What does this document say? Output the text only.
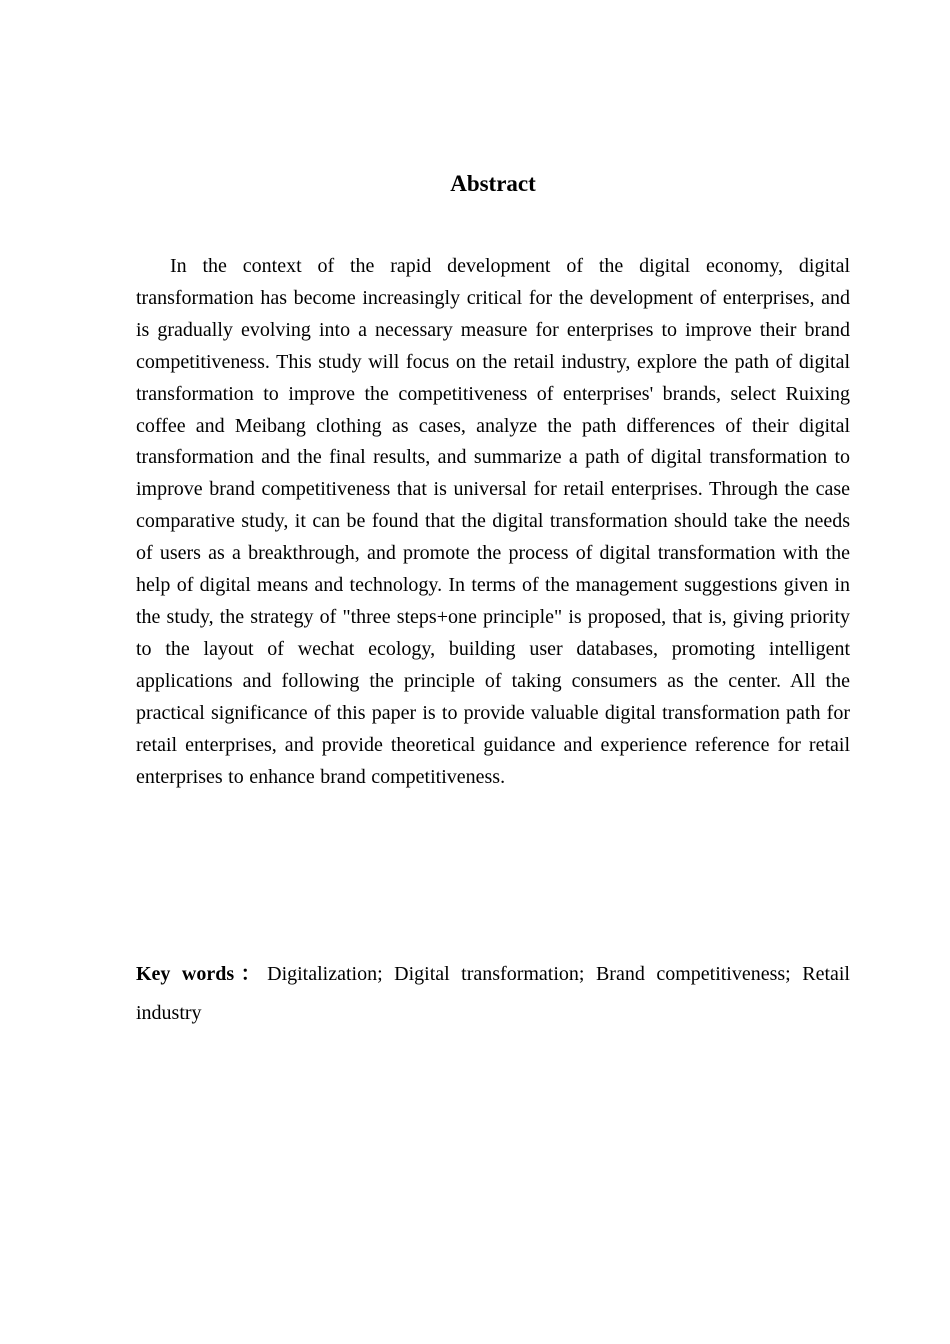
Abstract

In the context of the rapid development of the digital economy, digital transformation has become increasingly critical for the development of enterprises, and is gradually evolving into a necessary measure for enterprises to improve their brand competitiveness. This study will focus on the retail industry, explore the path of digital transformation to improve the competitiveness of enterprises' brands, select Ruixing coffee and Meibang clothing as cases, analyze the path differences of their digital transformation and the final results, and summarize a path of digital transformation to improve brand competitiveness that is universal for retail enterprises. Through the case comparative study, it can be found that the digital transformation should take the needs of users as a breakthrough, and promote the process of digital transformation with the help of digital means and technology. In terms of the management suggestions given in the study, the strategy of "three steps+one principle" is proposed, that is, giving priority to the layout of wechat ecology, building user databases, promoting intelligent applications and following the principle of taking consumers as the center. All the practical significance of this paper is to provide valuable digital transformation path for retail enterprises, and provide theoretical guidance and experience reference for retail enterprises to enhance brand competitiveness.

Key words：Digitalization; Digital transformation; Brand competitiveness; Retail industry
